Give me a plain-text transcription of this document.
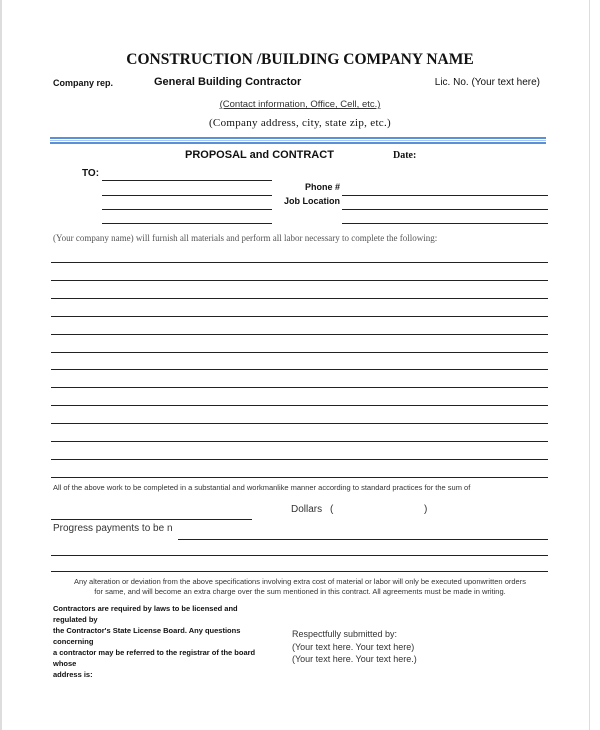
CONSTRUCTION /BUILDING COMPANY NAME
Company rep.	General Building Contractor	Lic. No. (Your text here)
(Contact information, Office, Cell, etc.)
(Company address, city, state zip, etc.)
PROPOSAL and CONTRACT	Date:
TO:
Phone #
Job Location
(Your company name) will furnish all materials and perform all labor necessary to complete the following:
All of the above work to be completed in a substantial and workmanlike manner according to standard practices for the sum of
Dollars (	)
Progress payments to be n
Any alteration or deviation from the above specifications involving extra cost of material or labor will only be executed uponwritten orders
for same, and will become an extra charge over the sum mentioned in this contract. All agreements must be made in writing.
Contractors are required by laws to be licensed and
regulated by
the Contractor's State License Board. Any questions
concerning
a contractor may be referred to the registrar of the board
whose
address is:
Respectfully submitted by:
(Your text here. Your text here)
(Your text here. Your text here.)
